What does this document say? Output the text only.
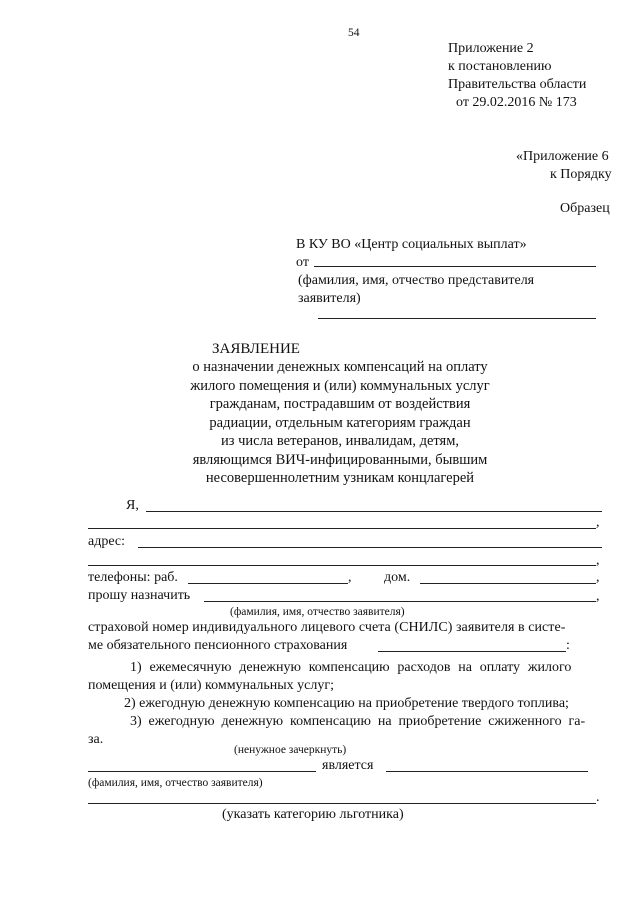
54
Приложение 2
к постановлению
Правительства области
от 29.02.2016 № 173
«Приложение 6
к Порядку
Образец
В КУ ВО «Центр социальных выплат»
от
(фамилия, имя, отчество представителя
заявителя)
ЗАЯВЛЕНИЕ
о назначении денежных компенсаций на оплату
жилого помещения и (или) коммунальных услуг
гражданам, пострадавшим от воздействия
радиации, отдельным категориям граждан
из числа ветеранов, инвалидам, детям,
являющимся ВИЧ-инфицированными, бывшим
несовершеннолетним узникам концлагерей
Я,
,
адрес:
,
телефоны: раб.	, дом.	,
прошу назначить	,
(фамилия, имя, отчество заявителя)
страховой номер индивидуального лицевого счета (СНИЛС) заявителя в систе-
ме обязательного пенсионного страхования	:
1) ежемесячную денежную компенсацию расходов на оплату жилого
помещения и (или) коммунальных услуг;
2) ежегодную денежную компенсацию на приобретение твердого топлива;
3) ежегодную денежную компенсацию на приобретение сжиженного га-
за.
(ненужное зачеркнуть)
является
(фамилия, имя, отчество заявителя)
.
(указать категорию льготника)
